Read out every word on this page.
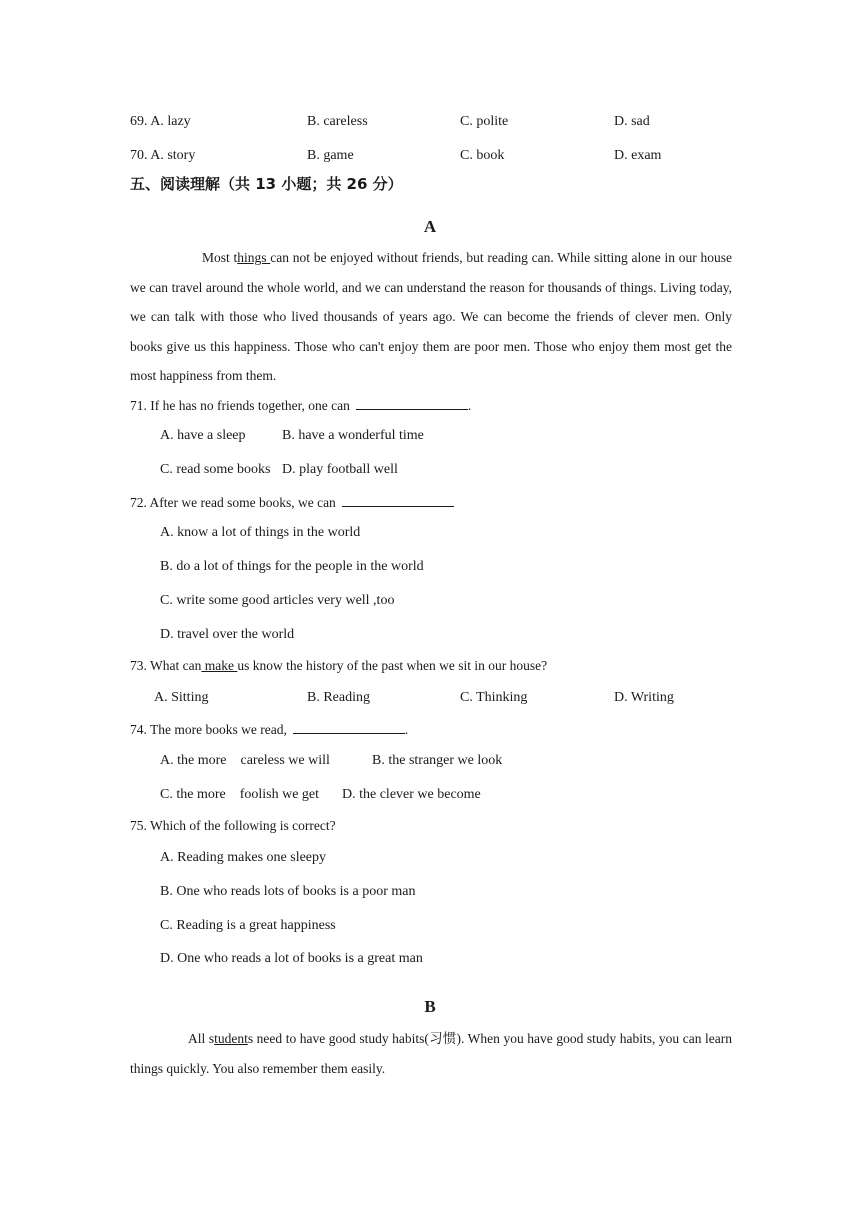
69. A. lazy	B. careless	C. polite	D. sad
70. A. story	B. game	C. book	D. exam
五、阅读理解（共 13 小题；共 26 分）
A
Most things can not be enjoyed without friends, but reading can. While sitting alone in our house we can travel around the whole world, and we can understand the reason for thousands of things. Living today, we can talk with those who lived thousands of years ago. We can become the friends of clever men. Only books give us this happiness. Those who can't enjoy them are poor men. Those who enjoy them most get the most happiness from them.
71. If he has no friends together, one can	.
A. have a sleep	B. have a wonderful time
C. read some books D. play football well
72. After we read some books, we can
A. know a lot of things in the world
B. do a lot of things for the people in the world
C. write some good articles very well ,too
D. travel over the world
73. What can make us know the history of the past when we sit in our house?
A. Sitting	B. Reading	C. Thinking	D. Writing
74. The more books we read,	.
A. the more    careless we will	B. the stranger we look
C. the more    foolish we get D. the clever we become
75. Which of the following is correct?
A. Reading makes one sleepy
B. One who reads lots of books is a poor man
C. Reading is a great happiness
D. One who reads a lot of books is a great man
B
All students need to have good study habits(习惯). When you have good study habits, you can learn things quickly. You also remember them easily.
